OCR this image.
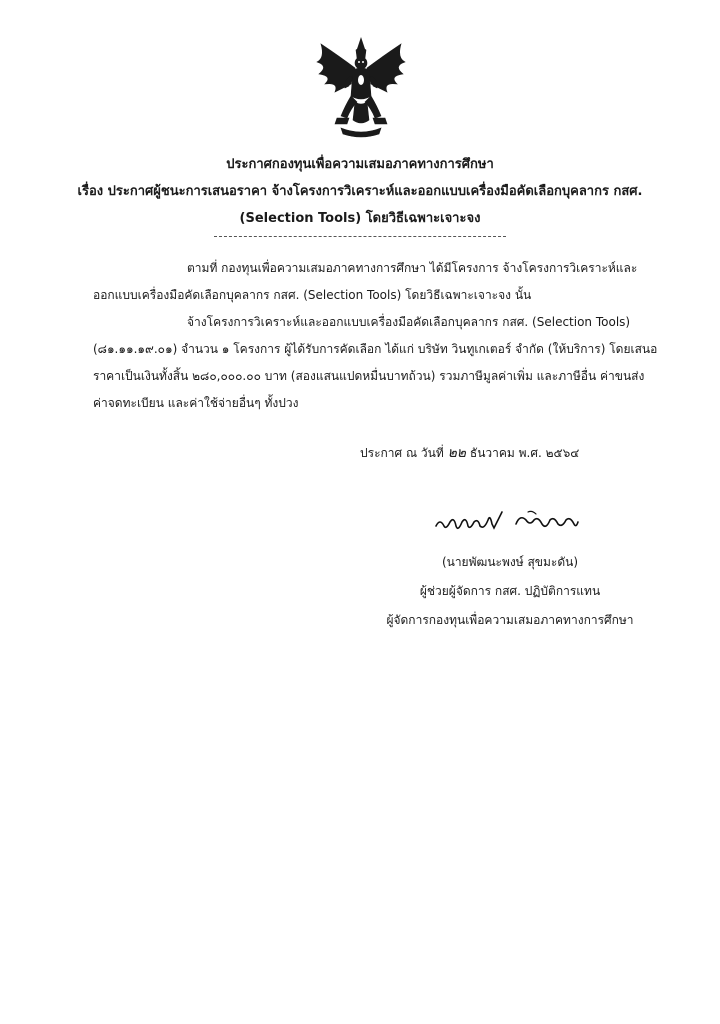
ประกาศกองทุนเพื่อความเสมอภาคทางการศึกษา
เรื่อง ประกาศผู้ชนะการเสนอราคา จ้างโครงการวิเคราะห์และออกแบบเครื่องมือคัดเลือกบุคลากร กสศ.
(Selection Tools) โดยวิธีเฉพาะเจาะจง
ตามที่ กองทุนเพื่อความเสมอภาคทางการศึกษา ได้มีโครงการ จ้างโครงการวิเคราะห์และ
ออกแบบเครื่องมือคัดเลือกบุคลากร กสศ. (Selection Tools) โดยวิธีเฉพาะเจาะจง นั้น
จ้างโครงการวิเคราะห์และออกแบบเครื่องมือคัดเลือกบุคลากร กสศ. (Selection Tools)
(๘๑.๑๑.๑๙.๐๑) จำนวน ๑ โครงการ ผู้ได้รับการคัดเลือก ได้แก่ บริษัท วินทูเกเตอร์ จำกัด (ให้บริการ) โดยเสนอ
ราคาเป็นเงินทั้งสิ้น ๒๘๐,๐๐๐.๐๐ บาท (สองแสนแปดหมื่นบาทถ้วน) รวมภาษีมูลค่าเพิ่ม และภาษีอื่น ค่าขนส่ง
ค่าจดทะเบียน และค่าใช้จ่ายอื่นๆ ทั้งปวง
ประกาศ ณ วันที่ ๒๒ ธันวาคม พ.ศ. ๒๕๖๔
(นายพัฒนะพงษ์ สุขมะดัน)
ผู้ช่วยผู้จัดการ กสศ. ปฏิบัติการแทน
ผู้จัดการกองทุนเพื่อความเสมอภาคทางการศึกษา
